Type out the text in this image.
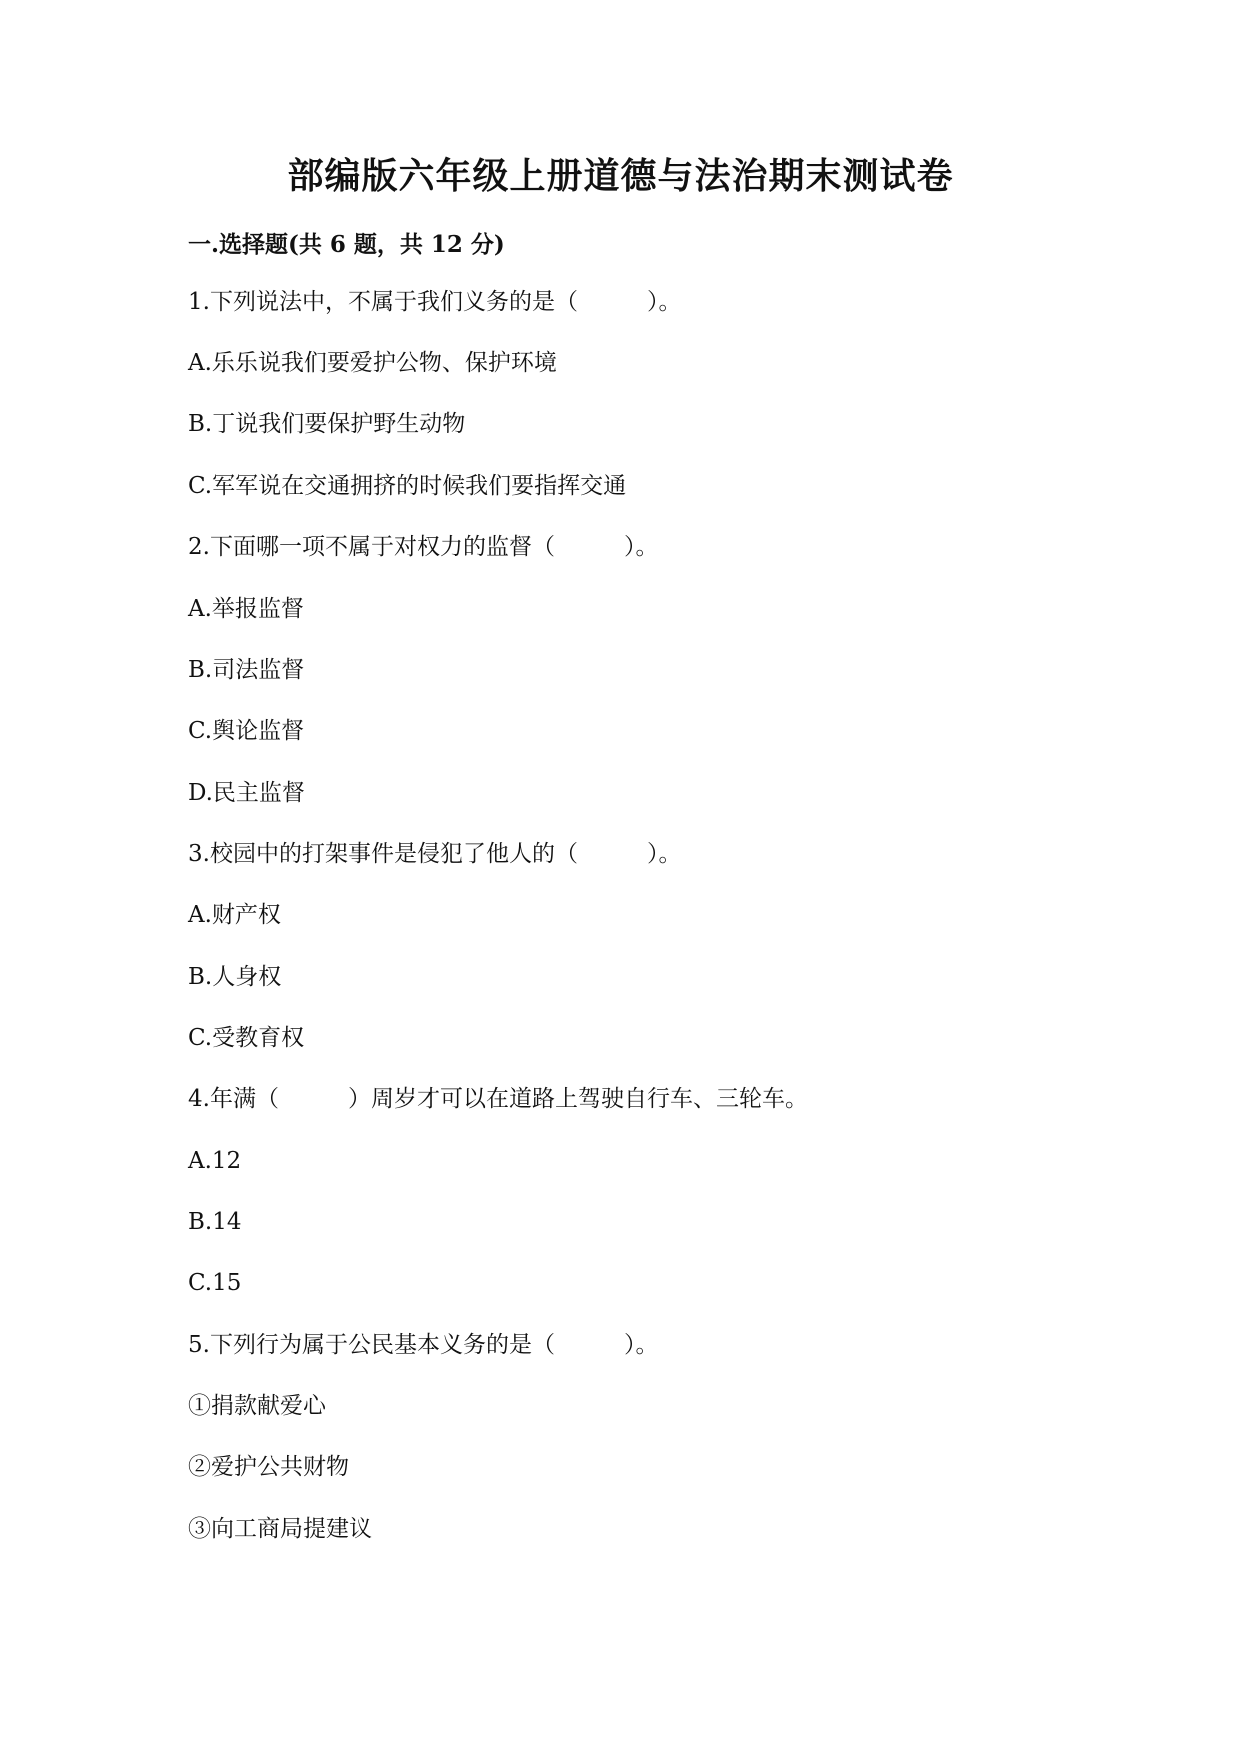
部编版六年级上册道德与法治期末测试卷
一.选择题(共 6 题，共 12 分)
1.下列说法中，不属于我们义务的是（　　　）。
A.乐乐说我们要爱护公物、保护环境
B.丁说我们要保护野生动物
C.军军说在交通拥挤的时候我们要指挥交通
2.下面哪一项不属于对权力的监督（　　　）。
A.举报监督
B.司法监督
C.舆论监督
D.民主监督
3.校园中的打架事件是侵犯了他人的（　　　）。
A.财产权
B.人身权
C.受教育权
4.年满（　　　）周岁才可以在道路上驾驶自行车、三轮车。
A.12
B.14
C.15
5.下列行为属于公民基本义务的是（　　　）。
①捐款献爱心
②爱护公共财物
③向工商局提建议
